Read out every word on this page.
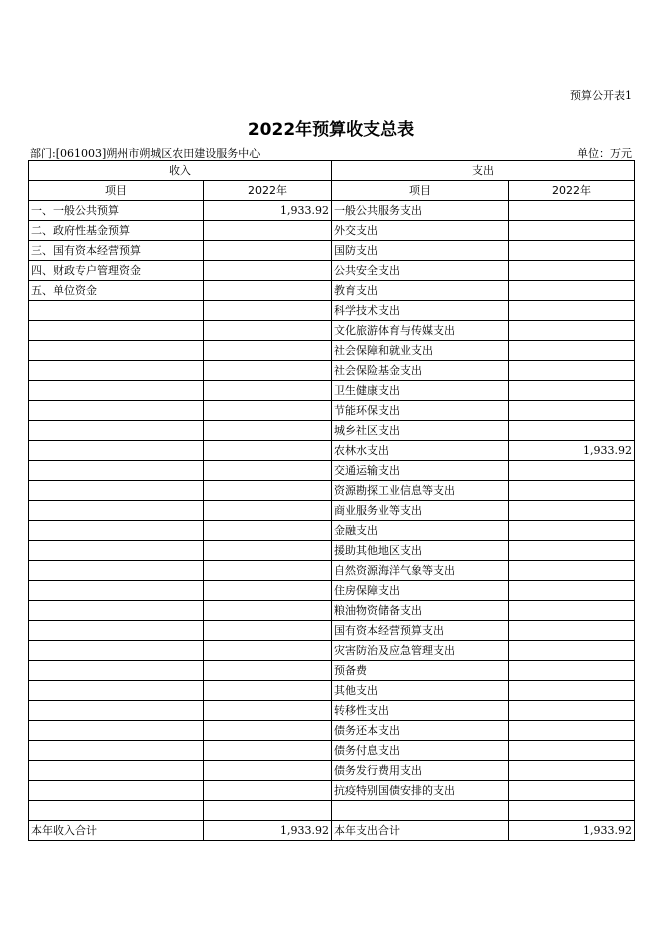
预算公开表1
2022年预算收支总表
部门:[061003]朔州市朔城区农田建设服务中心	单位：万元
收入		支出	
项目	2022年	项目	2022年
一、一般公共预算	1,933.92	一般公共服务支出	
二、政府性基金预算		外交支出	
三、国有资本经营预算		国防支出	
四、财政专户管理资金		公共安全支出	
五、单位资金		教育支出	
		科学技术支出	
		文化旅游体育与传媒支出	
		社会保障和就业支出	
		社会保险基金支出	
		卫生健康支出	
		节能环保支出	
		城乡社区支出	
		农林水支出	1,933.92
		交通运输支出	
		资源勘探工业信息等支出	
		商业服务业等支出	
		金融支出	
		援助其他地区支出	
		自然资源海洋气象等支出	
		住房保障支出	
		粮油物资储备支出	
		国有资本经营预算支出	
		灾害防治及应急管理支出	
		预备费	
		其他支出	
		转移性支出	
		债务还本支出	
		债务付息支出	
		债务发行费用支出	
		抗疫特别国债安排的支出	

本年收入合计	1,933.92	本年支出合计	1,933.92
